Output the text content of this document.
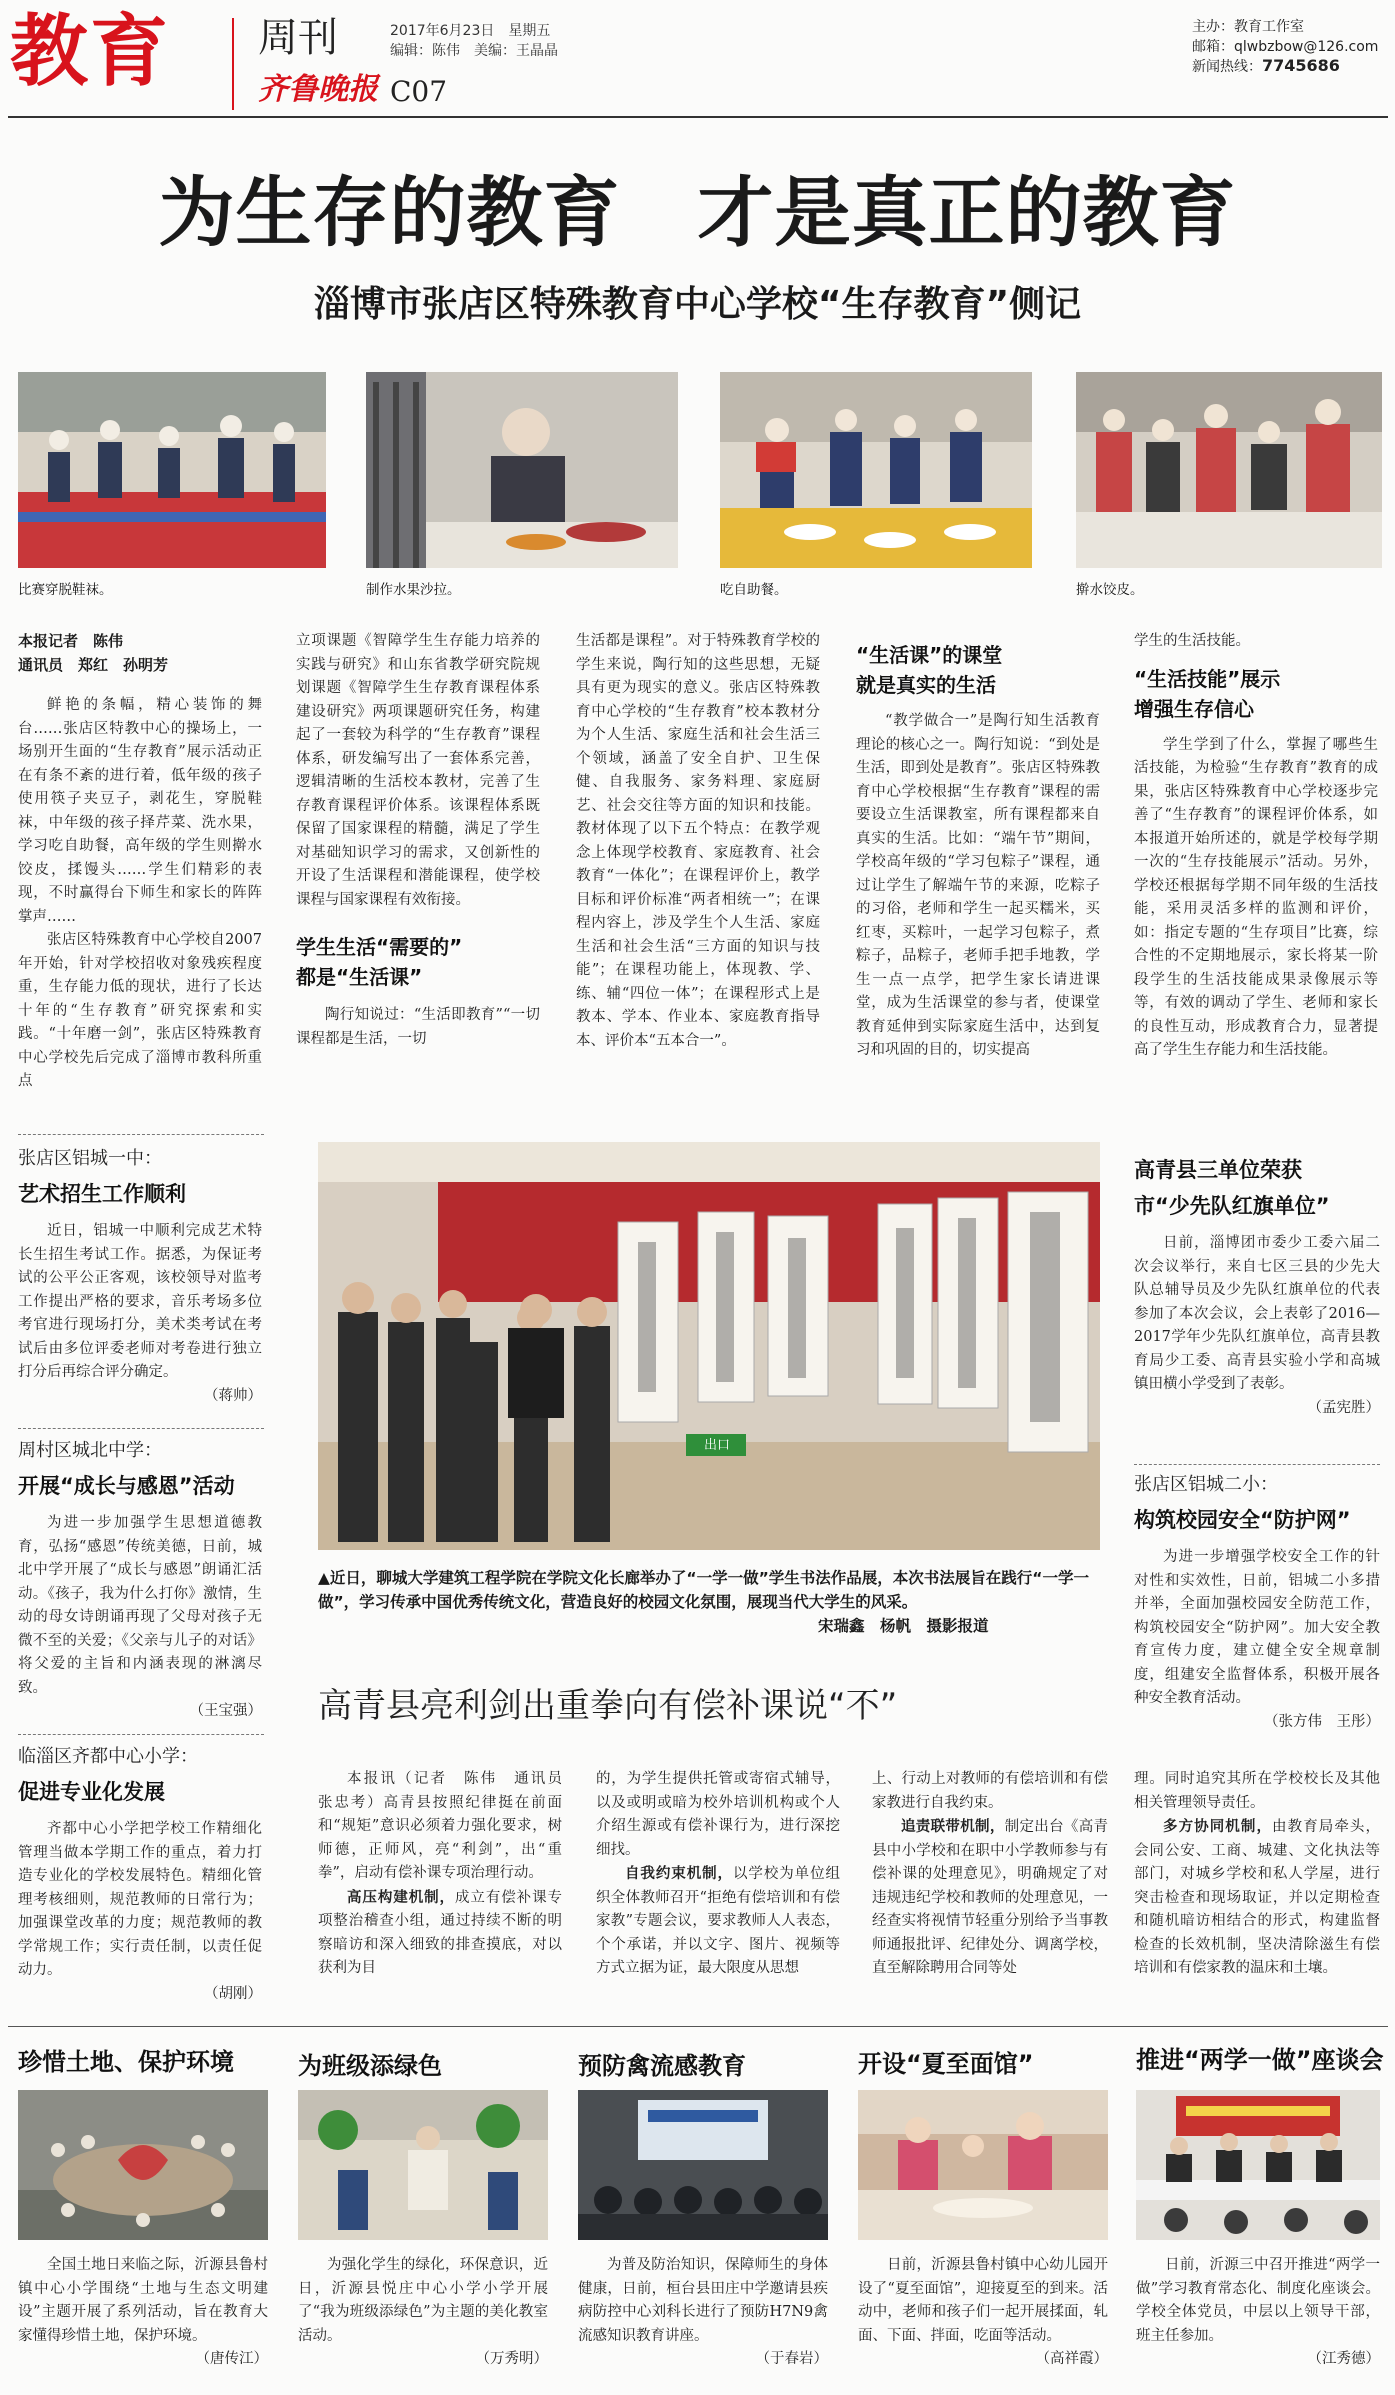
教育 周刊
齐鲁晚报 C07
2017年6月23日　星期五
编辑：陈伟　美编：王晶晶
主办：教育工作室
邮箱：qlwbzbow@126.com
新闻热线：7745686
为生存的教育　才是真正的教育
淄博市张店区特殊教育中心学校“生存教育”侧记
比赛穿脱鞋袜。	制作水果沙拉。	吃自助餐。	擀水饺皮。
本报记者　陈伟
通讯员　郑红　孙明芳

鲜艳的条幅，精心装饰的舞台……张店区特教中心的操场上，一场别开生面的“生存教育”展示活动正在有条不紊的进行着，低年级的孩子使用筷子夹豆子，剥花生，穿脱鞋袜，中年级的孩子择芹菜、洗水果，学习吃自助餐，高年级的学生则擀水饺皮，揉馒头……学生们精彩的表现，不时赢得台下师生和家长的阵阵掌声……

张店区特殊教育中心学校自2007年开始，针对学校招收对象残疾程度重，生存能力低的现状，进行了长达十年的“生存教育”研究探索和实践。“十年磨一剑”，张店区特殊教育中心学校先后完成了淄博市教科所重点

立项课题《智障学生生存能力培养的实践与研究》和山东省教学研究院规划课题《智障学生生存教育课程体系建设研究》两项课题研究任务，构建起了一套较为科学的“生存教育”课程体系，研发编写出了一套体系完善，逻辑清晰的生活校本教材，完善了生存教育课程评价体系。该课程体系既保留了国家课程的精髓，满足了学生对基础知识学习的需求，又创新性的开设了生活课程和潜能课程，使学校课程与国家课程有效衔接。

学生生活“需要的”
都是“生活课”

陶行知说过：“生活即教育”“一切课程都是生活，一切

生活都是课程”。对于特殊教育学校的学生来说，陶行知的这些思想，无疑具有更为现实的意义。张店区特殊教育中心学校的“生存教育”校本教材分为个人生活、家庭生活和社会生活三个领域，涵盖了安全自护、卫生保健、自我服务、家务料理、家庭厨艺、社会交往等方面的知识和技能。教材体现了以下五个特点：在教学观念上体现学校教育、家庭教育、社会教育“一体化”；在课程评价上，教学目标和评价标准“两者相统一”；在课程内容上，涉及学生个人生活、家庭生活和社会生活“三方面的知识与技能”；在课程功能上，体现教、学、练、辅“四位一体”；在课程形式上是教本、学本、作业本、家庭教育指导本、评价本“五本合一”。

“生活课”的课堂
就是真实的生活

“教学做合一”是陶行知生活教育理论的核心之一。陶行知说：“到处是生活，即到处是教育”。张店区特殊教育中心学校根据“生存教育”课程的需要设立生活课教室，所有课程都来自真实的生活。比如：“端午节”期间，学校高年级的“学习包粽子”课程，通过让学生了解端午节的来源，吃粽子的习俗，老师和学生一起买糯米，买红枣，买粽叶，一起学习包粽子，煮粽子，品粽子，老师手把手地教，学生一点一点学，把学生家长请进课堂，成为生活课堂的参与者，使课堂教育延伸到实际家庭生活中，达到复习和巩固的目的，切实提高

学生的生活技能。

“生活技能”展示
增强生存信心

学生学到了什么，掌握了哪些生活技能，为检验“生存教育”教育的成果，张店区特殊教育中心学校逐步完善了“生存教育”的课程评价体系，如本报道开始所述的，就是学校每学期一次的“生存技能展示”活动。另外，学校还根据每学期不同年级的生活技能，采用灵活多样的监测和评价，如：指定专题的“生存项目”比赛，综合性的不定期地展示，家长将某一阶段学生的生活技能成果录像展示等等，有效的调动了学生、老师和家长的良性互动，形成教育合力，显著提高了学生生存能力和生活技能。

张店区铝城一中：
艺术招生工作顺利

近日，铝城一中顺利完成艺术特长生招生考试工作。据悉，为保证考试的公平公正客观，该校领导对监考工作提出严格的要求，音乐考场多位考官进行现场打分，美术类考试在考试后由多位评委老师对考卷进行独立打分后再综合评分确定。

（蒋帅）
周村区城北中学：
开展“成长与感恩”活动

为进一步加强学生思想道德教育，弘扬“感恩”传统美德，日前，城北中学开展了“成长与感恩”朗诵汇活动。《孩子，我为什么打你》激情，生动的母女诗朗诵再现了父母对孩子无微不至的关爱；《父亲与儿子的对话》将父爱的主旨和内涵表现的淋漓尽致。

（王宝强）
临淄区齐都中心小学：
促进专业化发展

齐都中心小学把学校工作精细化管理当做本学期工作的重点，着力打造专业化的学校发展特色。精细化管理考核细则，规范教师的日常行为；加强课堂改革的力度；规范教师的教学常规工作；实行责任制，以责任促动力。

（胡刚）
出口
▲近日，聊城大学建筑工程学院在学院文化长廊举办了“一学一做”学生书法作品展，本次书法展旨在践行“一学一做”，学习传承中国优秀传统文化，营造良好的校园文化氛围，展现当代大学生的风采。
宋瑞鑫　杨帆　摄影报道
高青县三单位荣获
市“少先队红旗单位”

日前，淄博团市委少工委六届二次会议举行，来自七区三县的少先大队总辅导员及少先队红旗单位的代表参加了本次会议，会上表彰了2016—2017学年少先队红旗单位，高青县教育局少工委、高青县实验小学和高城镇田横小学受到了表彰。

（孟宪胜）
张店区铝城二小：
构筑校园安全“防护网”

为进一步增强学校安全工作的针对性和实效性，日前，铝城二小多措并举，全面加强校园安全防范工作，构筑校园安全“防护网”。加大安全教育宣传力度，建立健全安全规章制度，组建安全监督体系，积极开展各种安全教育活动。

（张方伟　王彤）
高青县亮利剑出重拳向有偿补课说“不”

本报讯（记者　陈伟　通讯员　张忠考）高青县按照纪律挺在前面和“规矩”意识必须着力强化要求，树师德，正师风，亮“利剑”，出“重拳”，启动有偿补课专项治理行动。

高压构建机制，成立有偿补课专项整治稽查小组，通过持续不断的明察暗访和深入细致的排查摸底，对以获利为目

的，为学生提供托管或寄宿式辅导，以及或明或暗为校外培训机构或个人介绍生源或有偿补课行为，进行深挖细找。

自我约束机制，以学校为单位组织全体教师召开“拒绝有偿培训和有偿家教”专题会议，要求教师人人表态，个个承诺，并以文字、图片、视频等方式立据为证，最大限度从思想

上、行动上对教师的有偿培训和有偿家教进行自我约束。

追责联带机制，制定出台《高青县中小学校和在职中小学教师参与有偿补课的处理意见》，明确规定了对违规违纪学校和教师的处理意见，一经查实将视情节轻重分别给予当事教师通报批评、纪律处分、调离学校，直至解除聘用合同等处

理。同时追究其所在学校校长及其他相关管理领导责任。

多方协同机制，由教育局牵头，会同公安、工商、城建、文化执法等部门，对城乡学校和私人学屋，进行突击检查和现场取证，并以定期检查和随机暗访相结合的形式，构建监督检查的长效机制，坚决清除滋生有偿培训和有偿家教的温床和土壤。

珍惜土地、保护环境

全国土地日来临之际，沂源县鲁村镇中心小学围绕“土地与生态文明建设”主题开展了系列活动，旨在教育大家懂得珍惜土地，保护环境。

（唐传江）
为班级添绿色

为强化学生的绿化，环保意识，近日，沂源县悦庄中心小学小学开展了“我为班级添绿色”为主题的美化教室活动。

（万秀明）
预防禽流感教育

为普及防治知识，保障师生的身体健康，日前，桓台县田庄中学邀请县疾病防控中心刘科长进行了预防H7N9禽流感知识教育讲座。

（于春岩）
开设“夏至面馆”

日前，沂源县鲁村镇中心幼儿园开设了“夏至面馆”，迎接夏至的到来。活动中，老师和孩子们一起开展揉面，轧面、下面、拌面，吃面等活动。

（高祥霞）
推进“两学一做”座谈会

日前，沂源三中召开推进“两学一做”学习教育常态化、制度化座谈会。学校全体党员，中层以上领导干部，班主任参加。

（江秀德）
